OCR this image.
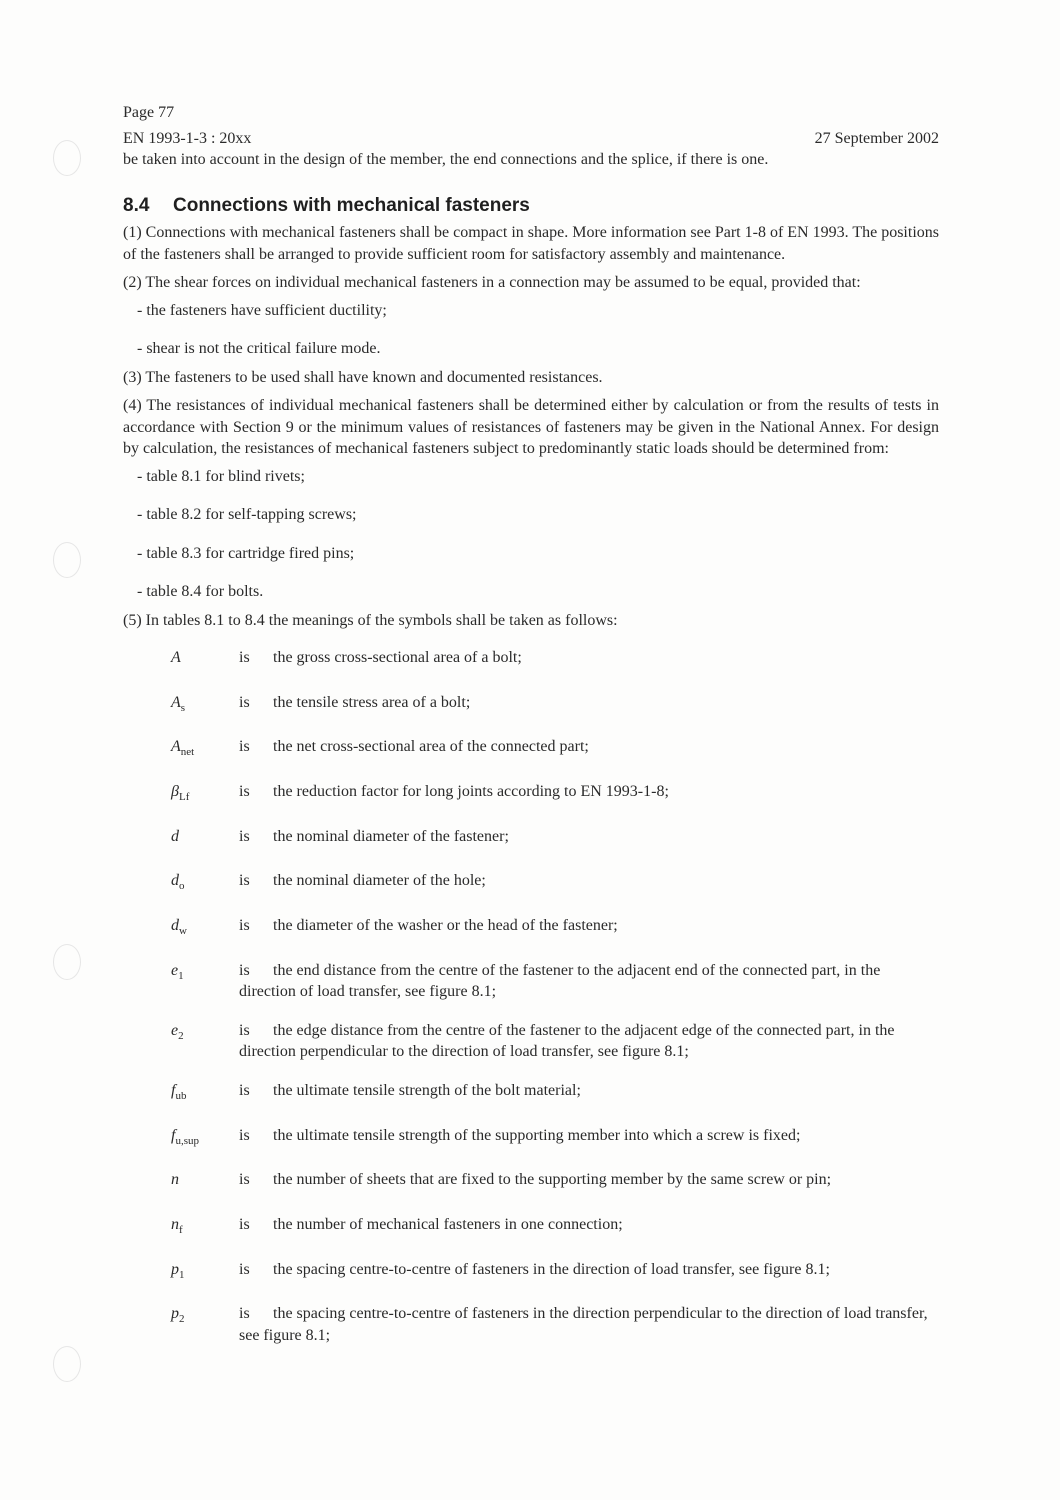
Page 77
EN 1993-1-3 : 20xx	27 September 2002

be taken into account in the design of the member, the end connections and the splice, if there is one.

8.4 Connections with mechanical fasteners

(1) Connections with mechanical fasteners shall be compact in shape. More information see Part 1-8 of EN 1993. The positions of the fasteners shall be arranged to provide sufficient room for satisfactory assembly and maintenance.

(2) The shear forces on individual mechanical fasteners in a connection may be assumed to be equal, provided that:

- the fasteners have sufficient ductility;
- shear is not the critical failure mode.

(3) The fasteners to be used shall have known and documented resistances.

(4) The resistances of individual mechanical fasteners shall be determined either by calculation or from the results of tests in accordance with Section 9 or the minimum values of resistances of fasteners may be given in the National Annex. For design by calculation, the resistances of mechanical fasteners subject to predominantly static loads should be determined from:

- table 8.1 for blind rivets;
- table 8.2 for self-tapping screws;
- table 8.3 for cartridge fired pins;
- table 8.4 for bolts.

(5) In tables 8.1 to 8.4 the meanings of the symbols shall be taken as follows:

A	is the gross cross-sectional area of a bolt;
$A_s$	is the tensile stress area of a bolt;
$A_{net}$	is the net cross-sectional area of the connected part;
$\beta_{Lf}$	is the reduction factor for long joints according to EN 1993-1-8;
d	is the nominal diameter of the fastener;
$d_o$	is the nominal diameter of the hole;
$d_w$	is the diameter of the washer or the head of the fastener;
$e_1$	is the end distance from the centre of the fastener to the adjacent end of the connected part, in the direction of load transfer, see figure 8.1;
$e_2$	is the edge distance from the centre of the fastener to the adjacent edge of the connected part, in the direction perpendicular to the direction of load transfer, see figure 8.1;
$f_{ub}$	is the ultimate tensile strength of the bolt material;
$f_{u,sup}$	is the ultimate tensile strength of the supporting member into which a screw is fixed;
n	is the number of sheets that are fixed to the supporting member by the same screw or pin;
$n_f$	is the number of mechanical fasteners in one connection;
$p_1$	is the spacing centre-to-centre of fasteners in the direction of load transfer, see figure 8.1;
$p_2$	is the spacing centre-to-centre of fasteners in the direction perpendicular to the direction of load transfer, see figure 8.1;
